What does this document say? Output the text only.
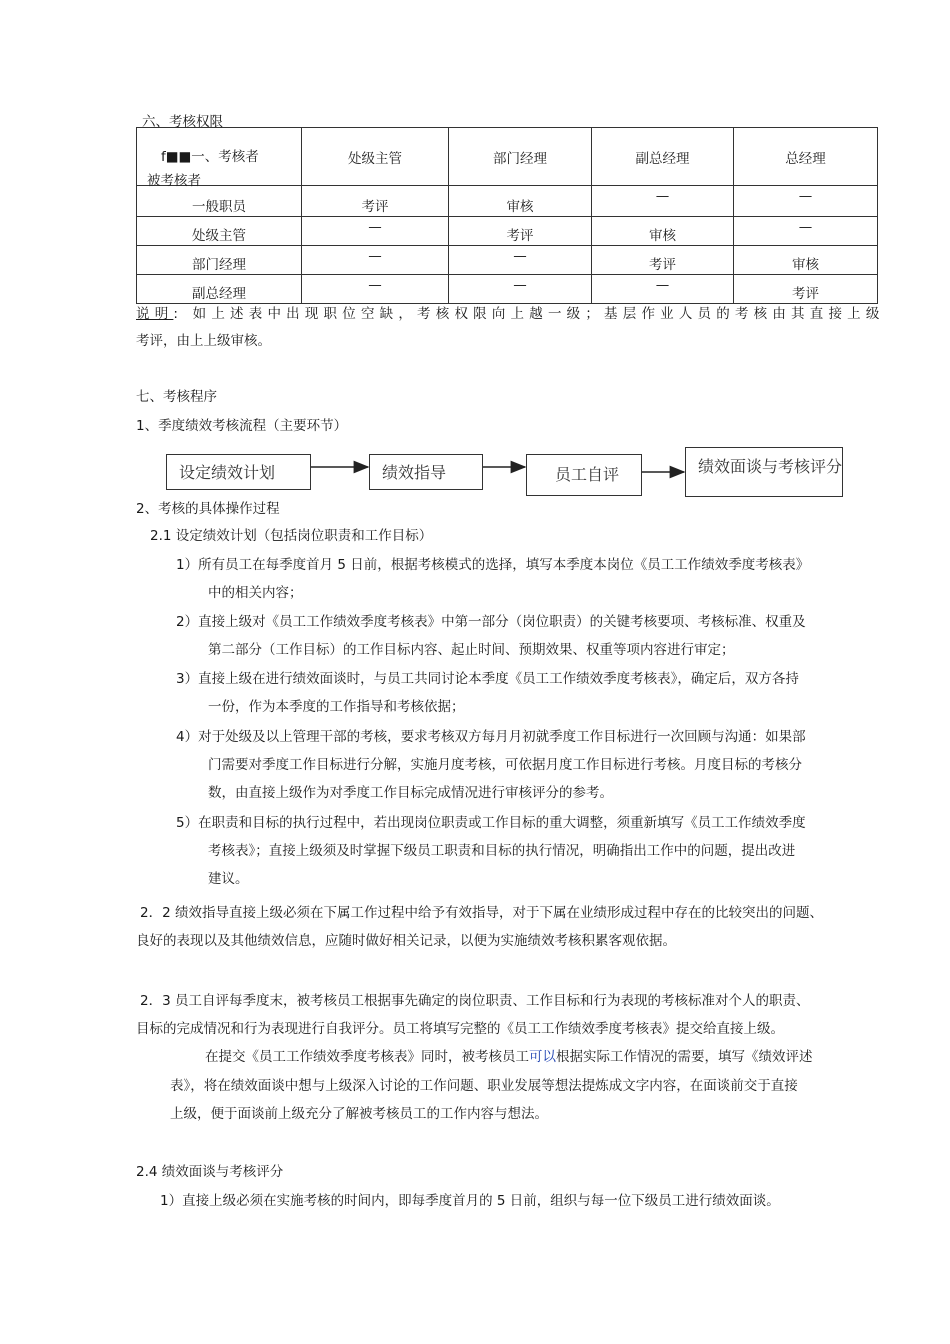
六、考核权限
f■■一、考核者
被考核者	处级主管	部门经理	副总经理	总经理

一般职员	考评	审核	—	—

处级主管	—	考评	审核	—

部门经理	—	—	考评	审核

副总经理	—	—	—	考评
说明: 如上述表中出现职位空缺，考核权限向上越一级；基层作业人员的考核由其直接上级
考评，由上上级审核。
七、考核程序
1、季度绩效考核流程（主要环节）
设定绩效计划	绩效指导	员工自评	绩效面谈与考核评分
2、考核的具体操作过程
2.1 设定绩效计划（包括岗位职责和工作目标）
1）所有员工在每季度首月 5 日前，根据考核模式的选择，填写本季度本岗位《员工工作绩效季度考核表》
中的相关内容；
2）直接上级对《员工工作绩效季度考核表》中第一部分（岗位职责）的关键考核要项、考核标准、权重及
第二部分（工作目标）的工作目标内容、起止时间、预期效果、权重等项内容进行审定；
3）直接上级在进行绩效面谈时，与员工共同讨论本季度《员工工作绩效季度考核表》，确定后，双方各持
一份，作为本季度的工作指导和考核依据；
4）对于处级及以上管理干部的考核，要求考核双方每月月初就季度工作目标进行一次回顾与沟通：如果部
门需要对季度工作目标进行分解，实施月度考核，可依据月度工作目标进行考核。月度目标的考核分
数，由直接上级作为对季度工作目标完成情况进行审核评分的参考。
5）在职责和目标的执行过程中，若出现岗位职责或工作目标的重大调整，须重新填写《员工工作绩效季度
考核表》；直接上级须及时掌握下级员工职责和目标的执行情况，明确指出工作中的问题，提出改进
建议。
2．2 绩效指导直接上级必须在下属工作过程中给予有效指导，对于下属在业绩形成过程中存在的比较突出的问题、
良好的表现以及其他绩效信息，应随时做好相关记录，以便为实施绩效考核积累客观依据。
2．3 员工自评每季度末，被考核员工根据事先确定的岗位职责、工作目标和行为表现的考核标准对个人的职责、
目标的完成情况和行为表现进行自我评分。员工将填写完整的《员工工作绩效季度考核表》提交给直接上级。
在提交《员工工作绩效季度考核表》同时，被考核员工可以根据实际工作情况的需要，填写《绩效评述
表》，将在绩效面谈中想与上级深入讨论的工作问题、职业发展等想法提炼成文字内容，在面谈前交于直接
上级，便于面谈前上级充分了解被考核员工的工作内容与想法。
2.4 绩效面谈与考核评分
1）直接上级必须在实施考核的时间内，即每季度首月的 5 日前，组织与每一位下级员工进行绩效面谈。
